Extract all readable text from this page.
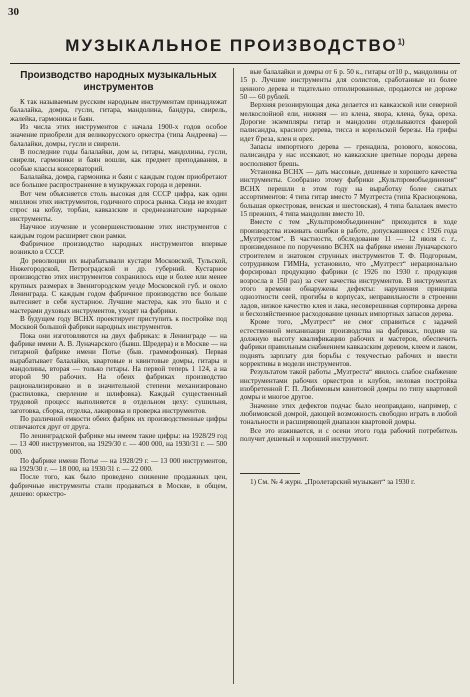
30
МУЗЫКАЛЬНОЕ ПРОИЗВОДСТВО$^{1)}$
Производство народных музыкальных инструментов

К так называемым русским народным инструментам принадлежат балалайка, домра, гусли, гитара, мандолина, бандура, свирель, жалейка, гармоника и баян.

Из числа этих инструментов с начала 1900-х годов особое значение приобрели для великорусского оркестра (типа Андреева) — балалайки, домры, гусли и свирели.

В последние годы балалайки, дом ы, гитары, мандолины, гусли, свирели, гармоники и баян вошли, как предмет преподавания, в особые классы консерваторий.

Балалайка, домра, гармоника и баян с каждым годом приобретают все большее распространение в музкружках города и деревни.

Вот чем объясняется столь высокая для СССР цифра, как один миллион этих инструментов, годичного спроса рынка. Сюда не входит спрос на кобзу, торбан, кавказские и среднеазиатские народные инструменты.

Научное изучение и усовершенствование этих инструментов с каждым годом расширяет свои рамки.

Фабричное производство народных инструментов впервые возникло в СССР.

До революции их вырабатывали кустари Московской, Тульской, Нижегородской, Петроградской и др. губерний. Кустарное производство этих инструментов сохранилось еще и более или менее крупных размерах в Звенигородском уезде Московской губ. и около Ленинграда. С каждым годом фабричное производство все больше вытесняет в себя кустарное. Лучшие мастера, как это было и с мастерами духовых инструментов, уходят на фабрики.

В будущем году ВСНХ проектирует приступить к постройке под Москвой большой фабрики народных инструментов.

Пока они изготовляются на двух фабриках: в Ленинграде — на фабрике имени А. В. Луначарского (бывш. Шредера) и в Москве — на гитарной фабрике имени Потье (быв. граммофонная). Первая вырабатывает балалайки, квартовые и квинтовые домры, гитары и мандолины, вторая — только гитары. На первой теперь 1 124, а на второй 90 рабочих. На обеих фабриках производство рационализировано и в значительной степени механизировано (распиловка, сверление и шлифовка). Каждый существенный трудовой процесс выполняется в отдельном цеху: сушильня, заготовка, сборка, отделка, лакировка и проверка инструментов.

По различной емкости обеих фабрик их производственные цифры отличаются друг от друга.

По ленинградской фабрике мы имеем такие цифры: на 1928/29 год — 13 400 инструментов, на 1929/30 г. — 400 000, на 1930/31 г. — 500 000.

По фабрике имени Потье — на 1928/29 г. — 13 000 инструментов, на 1929/30 г. — 18 000, на 1930/31 г. — 22 000.

После того, как было проведено снижение продажных цен, фабричные инструменты стали продаваться в Москве, в общем, дешево: оркестро-

вые балалайки и домры от 6 р. 50 к., гитары от10 р., мандолины от 15 р. Лучшие инструменты для солистов, сработанные из более ценного дерева и тщательно отполированные, продаются не дороже 50 — 60 рублей.

Верхняя резонирующая дека делается из кавказской или северной мелкослойной ели, нижняя — из клена, явора, клена, бука, ореха. Дорогие экземпляры гитар и мандолин отделываются фанерой палисандра, красного дерева, тисса и корельской березы. На грифы идет б'реза, клен и орех.

Запасы импортного дерева — гренадила, розового, кокосова, палисандра у нас иссякают, но кавказские цветные породы дерева восполняют брешь.

Установка ВСНХ — дать массовые, дешевые и хорошего качества инструменты. Сообразно этому фабрики „Культпромобъединения“ ВСНХ перешли в этом году на выработку более сжатых ассортиментов: 4 типа гитар вместо 7 Музтреста (типа Красноцекова, большая оркестровая, венская и шестовская), 4 типа балалаек вместо 15 прежних, 4 типа мандолин вместо 10.

Вместе с тем „Культпромобъединение“ приходится в ходе производства изживать ошибки в работе, допускавшиеся с 1926 года „Музтрестом“. В частности, обследование 11 — 12 июля с. г., произведенное по поручению ВСНХ на фабрике имени Луначарского строителем и знатоком струнных инструментов Т. Ф. Подгорным, сотрудником ГИМНа, установило, что „Музтрест“ нерационально форсировал продукцию фабрики (с 1926 по 1930 г. продукция возросла в 150 раз) за счет качества инструментов. В инструментах этого времени обнаружены дефекты: нарушения принципа одноэтности сеей, прогибы в корпусах, неправильности в строении ладов, низкое качество клея и лака, несоверешнная сортировка дерева и бесхозяйственное расходование ценных импортных запасов дерева.

Кроме того, „Музтрест“ не смог справиться с задачей естественной механизации производства на фабриках, подняв на должную высоту квалификацию рабочих и мастеров, обеспечить фабрики правильным снабжением кавказским деревом, клеем и лаком, поднять зарплату для борьбы с текучестью рабочих и ввести коррективы в модели инструментов.

Результатом такой работы „Музтреста“ явилось слабое снабжение инструментами рабочих оркестров и клубов, неловая постройка изобретенной Г. П. Любимовым квинтовой домры по типу квартовой домры и многое другое.

Значение этих дефектов подчас было неоправдано, например, с любимовской домрой, дающей возможность свободно играть в любой тональности и расширяющей диапазон квартовой домры.

Все это изживается, и с осени этого года рабочий потребитель получит дешевый и хороший инструмент.

1) См. № 4 журн. „Пролетарский музыкант“ за 1930 г.
